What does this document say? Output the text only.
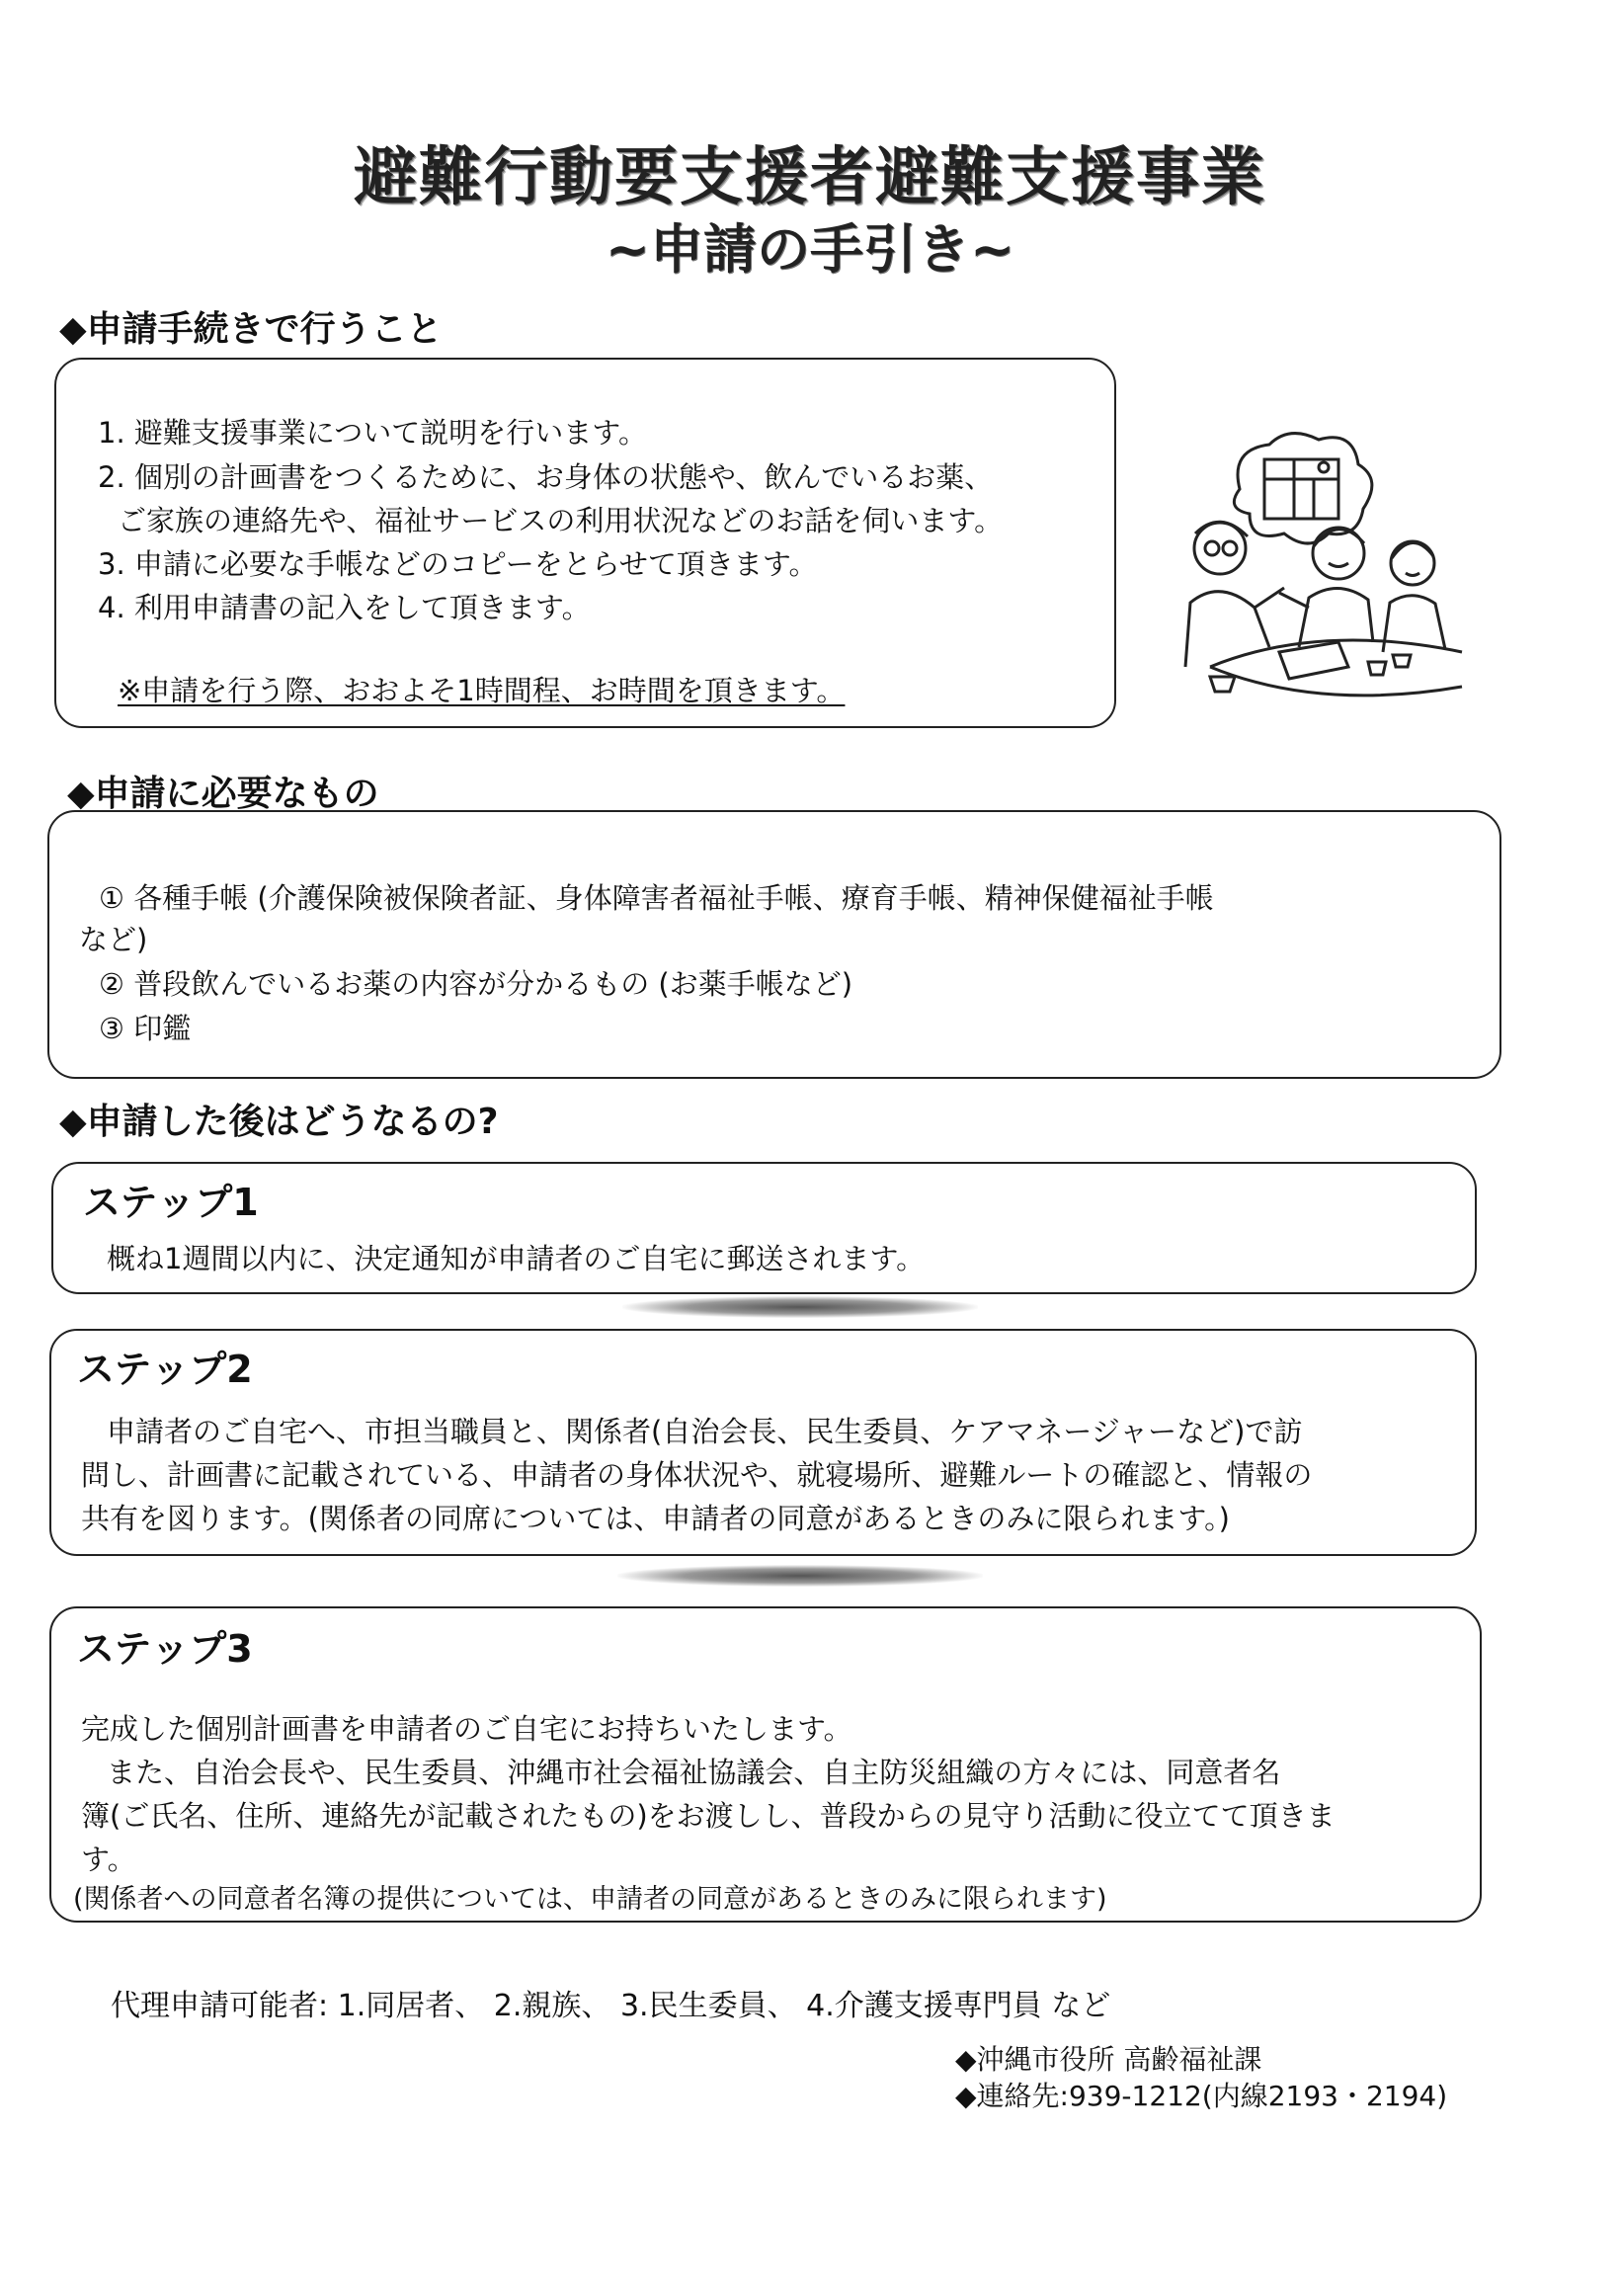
避難行動要支援者避難支援事業
~申請の手引き~
◆申請手続きで行うこと
1. 避難支援事業について説明を行います。
2. 個別の計画書をつくるために、お身体の状態や、飲んでいるお薬、
ご家族の連絡先や、福祉サービスの利用状況などのお話を伺います。
3. 申請に必要な手帳などのコピーをとらせて頂きます。
4. 利用申請書の記入をして頂きます。
※申請を行う際、おおよそ1時間程、お時間を頂きます。
◆申請に必要なもの
① 各種手帳 (介護保険被保険者証、身体障害者福祉手帳、療育手帳、精神保健福祉手帳
など)
② 普段飲んでいるお薬の内容が分かるもの (お薬手帳など)
③ 印鑑
◆申請した後はどうなるの?
ステップ1
概ね1週間以内に、決定通知が申請者のご自宅に郵送されます。
ステップ2
申請者のご自宅へ、市担当職員と、関係者(自治会長、民生委員、ケアマネージャーなど)で訪
問し、計画書に記載されている、申請者の身体状況や、就寝場所、避難ルートの確認と、情報の
共有を図ります。(関係者の同席については、申請者の同意があるときのみに限られます。)
ステップ3
完成した個別計画書を申請者のご自宅にお持ちいたします。
また、自治会長や、民生委員、沖縄市社会福祉協議会、自主防災組織の方々には、同意者名
簿(ご氏名、住所、連絡先が記載されたもの)をお渡しし、普段からの見守り活動に役立てて頂きま
す。
(関係者への同意者名簿の提供については、申請者の同意があるときのみに限られます)
代理申請可能者: 1.同居者、 2.親族、 3.民生委員、 4.介護支援専門員 など
◆沖縄市役所 高齢福祉課
◆連絡先:939-1212(内線2193・2194)
